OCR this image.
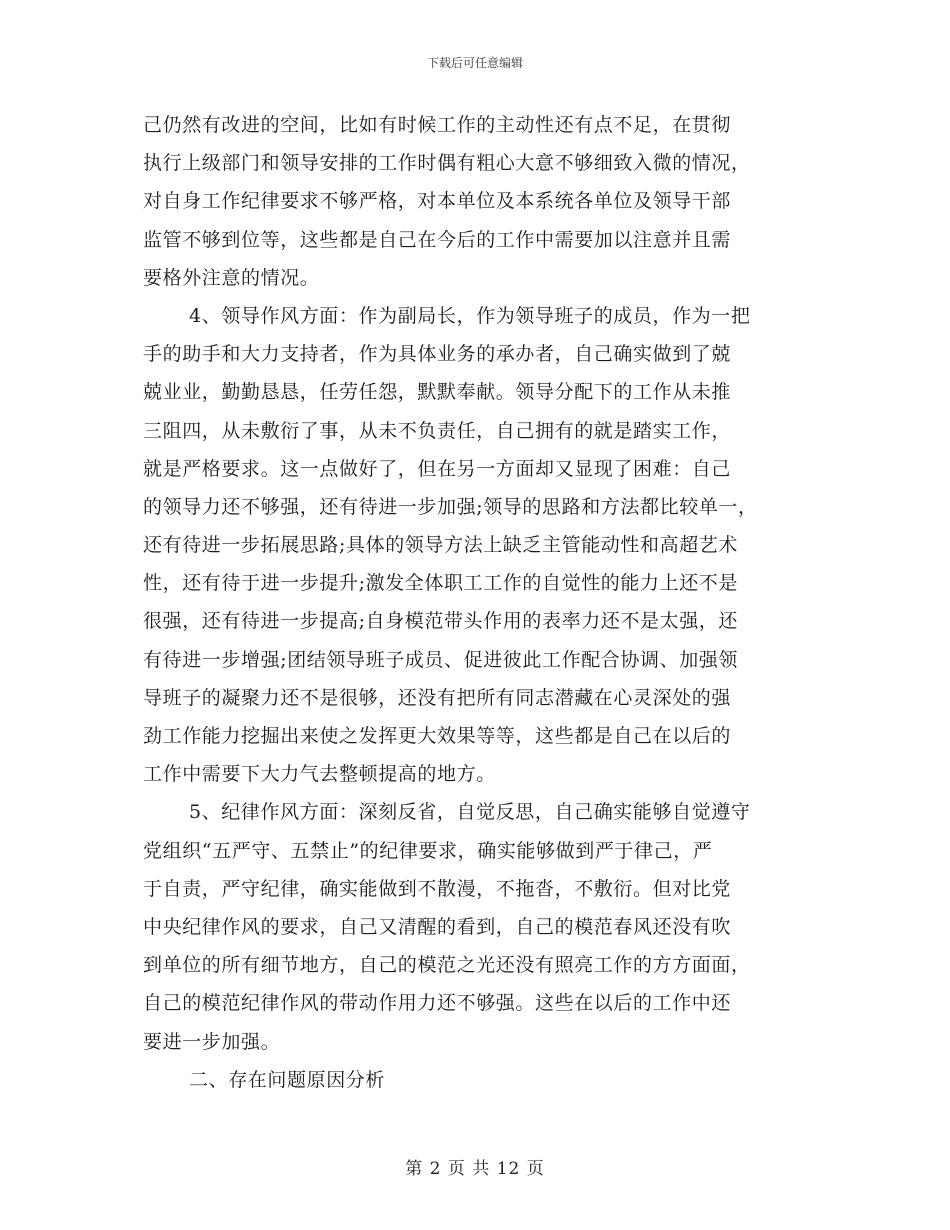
下载后可任意编辑
己仍然有改进的空间，比如有时候工作的主动性还有点不足，在贯彻
执行上级部门和领导安排的工作时偶有粗心大意不够细致入微的情况，
对自身工作纪律要求不够严格，对本单位及本系统各单位及领导干部
监管不够到位等，这些都是自己在今后的工作中需要加以注意并且需
要格外注意的情况。
4、领导作风方面：作为副局长，作为领导班子的成员，作为一把
手的助手和大力支持者，作为具体业务的承办者，自己确实做到了兢
兢业业，勤勤恳恳，任劳任怨，默默奉献。领导分配下的工作从未推
三阻四，从未敷衍了事，从未不负责任，自己拥有的就是踏实工作，
就是严格要求。这一点做好了，但在另一方面却又显现了困难：自己
的领导力还不够强，还有待进一步加强;领导的思路和方法都比较单一，
还有待进一步拓展思路;具体的领导方法上缺乏主管能动性和高超艺术
性，还有待于进一步提升;激发全体职工工作的自觉性的能力上还不是
很强，还有待进一步提高;自身模范带头作用的表率力还不是太强，还
有待进一步增强;团结领导班子成员、促进彼此工作配合协调、加强领
导班子的凝聚力还不是很够，还没有把所有同志潜藏在心灵深处的强
劲工作能力挖掘出来使之发挥更大效果等等，这些都是自己在以后的
工作中需要下大力气去整顿提高的地方。
5、纪律作风方面：深刻反省，自觉反思，自己确实能够自觉遵守
党组织“五严守、五禁止”的纪律要求，确实能够做到严于律己，严
于自责，严守纪律，确实能做到不散漫，不拖沓，不敷衍。但对比党
中央纪律作风的要求，自己又清醒的看到，自己的模范春风还没有吹
到单位的所有细节地方，自己的模范之光还没有照亮工作的方方面面，
自己的模范纪律作风的带动作用力还不够强。这些在以后的工作中还
要进一步加强。
二、存在问题原因分析
第 2 页 共 12 页
